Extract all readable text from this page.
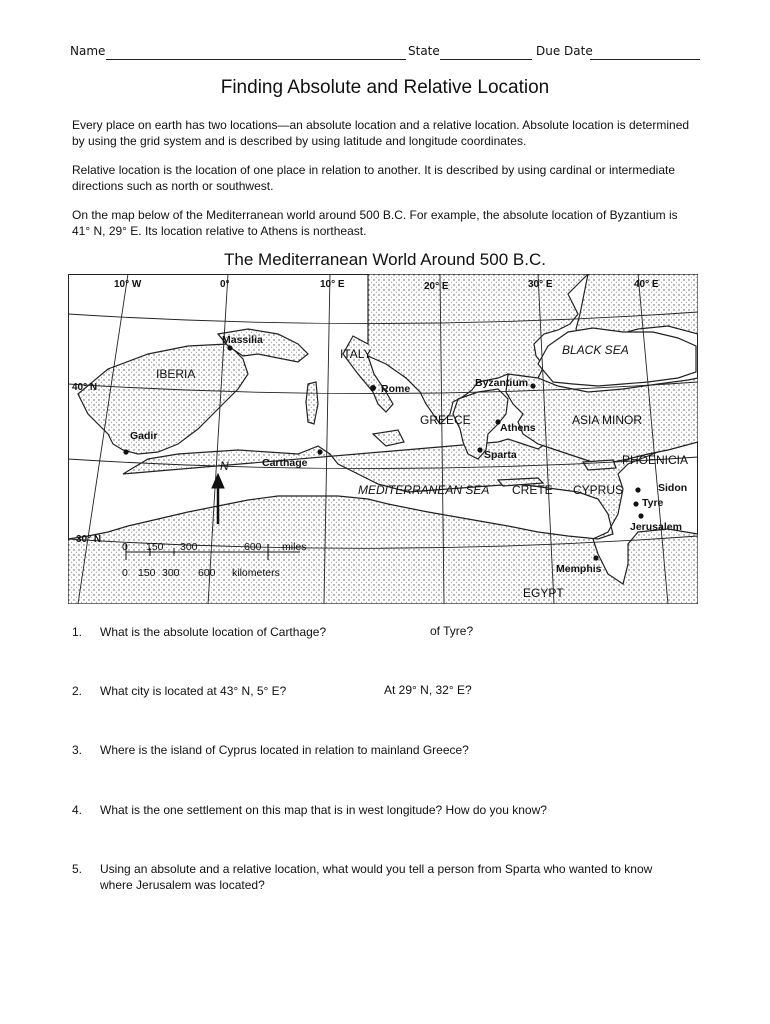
Name	State	Due Date
Finding Absolute and Relative Location
Every place on earth has two locations—an absolute location and a relative location. Absolute location is determined by using the grid system and is described by using latitude and longitude coordinates.
Relative location is the location of one place in relation to another. It is described by using cardinal or intermediate directions such as north or southwest.
On the map below of the Mediterranean world around 500 B.C. For example, the absolute location of Byzantium is 41° N, 29° E. Its location relative to Athens is northeast.
The Mediterranean World Around 500 B.C.
10° W	0°	10° E	20° E	30° E	40° E
40° N
30° N
IBERIA
ITALY
GREECE	ASIA MINOR
PHOENICIA
CRETE CYPRUS
EGYPT
BLACK SEA
MEDITERRANEAN SEA
Massilia
Rome	Byzantium
Athens
Sparta
Gadir
Carthage
Sidon
Tyre
Jerusalem
Memphis
N
0 150 300	600 miles
0 150 300 600 kilometers
1. What is the absolute location of Carthage?	of Tyre?
2. What city is located at 43° N, 5° E?	At 29° N, 32° E?
3. Where is the island of Cyprus located in relation to mainland Greece?
4. What is the one settlement on this map that is in west longitude? How do you know?
5. Using an absolute and a relative location, what would you tell a person from Sparta who wanted to know where Jerusalem was located?
